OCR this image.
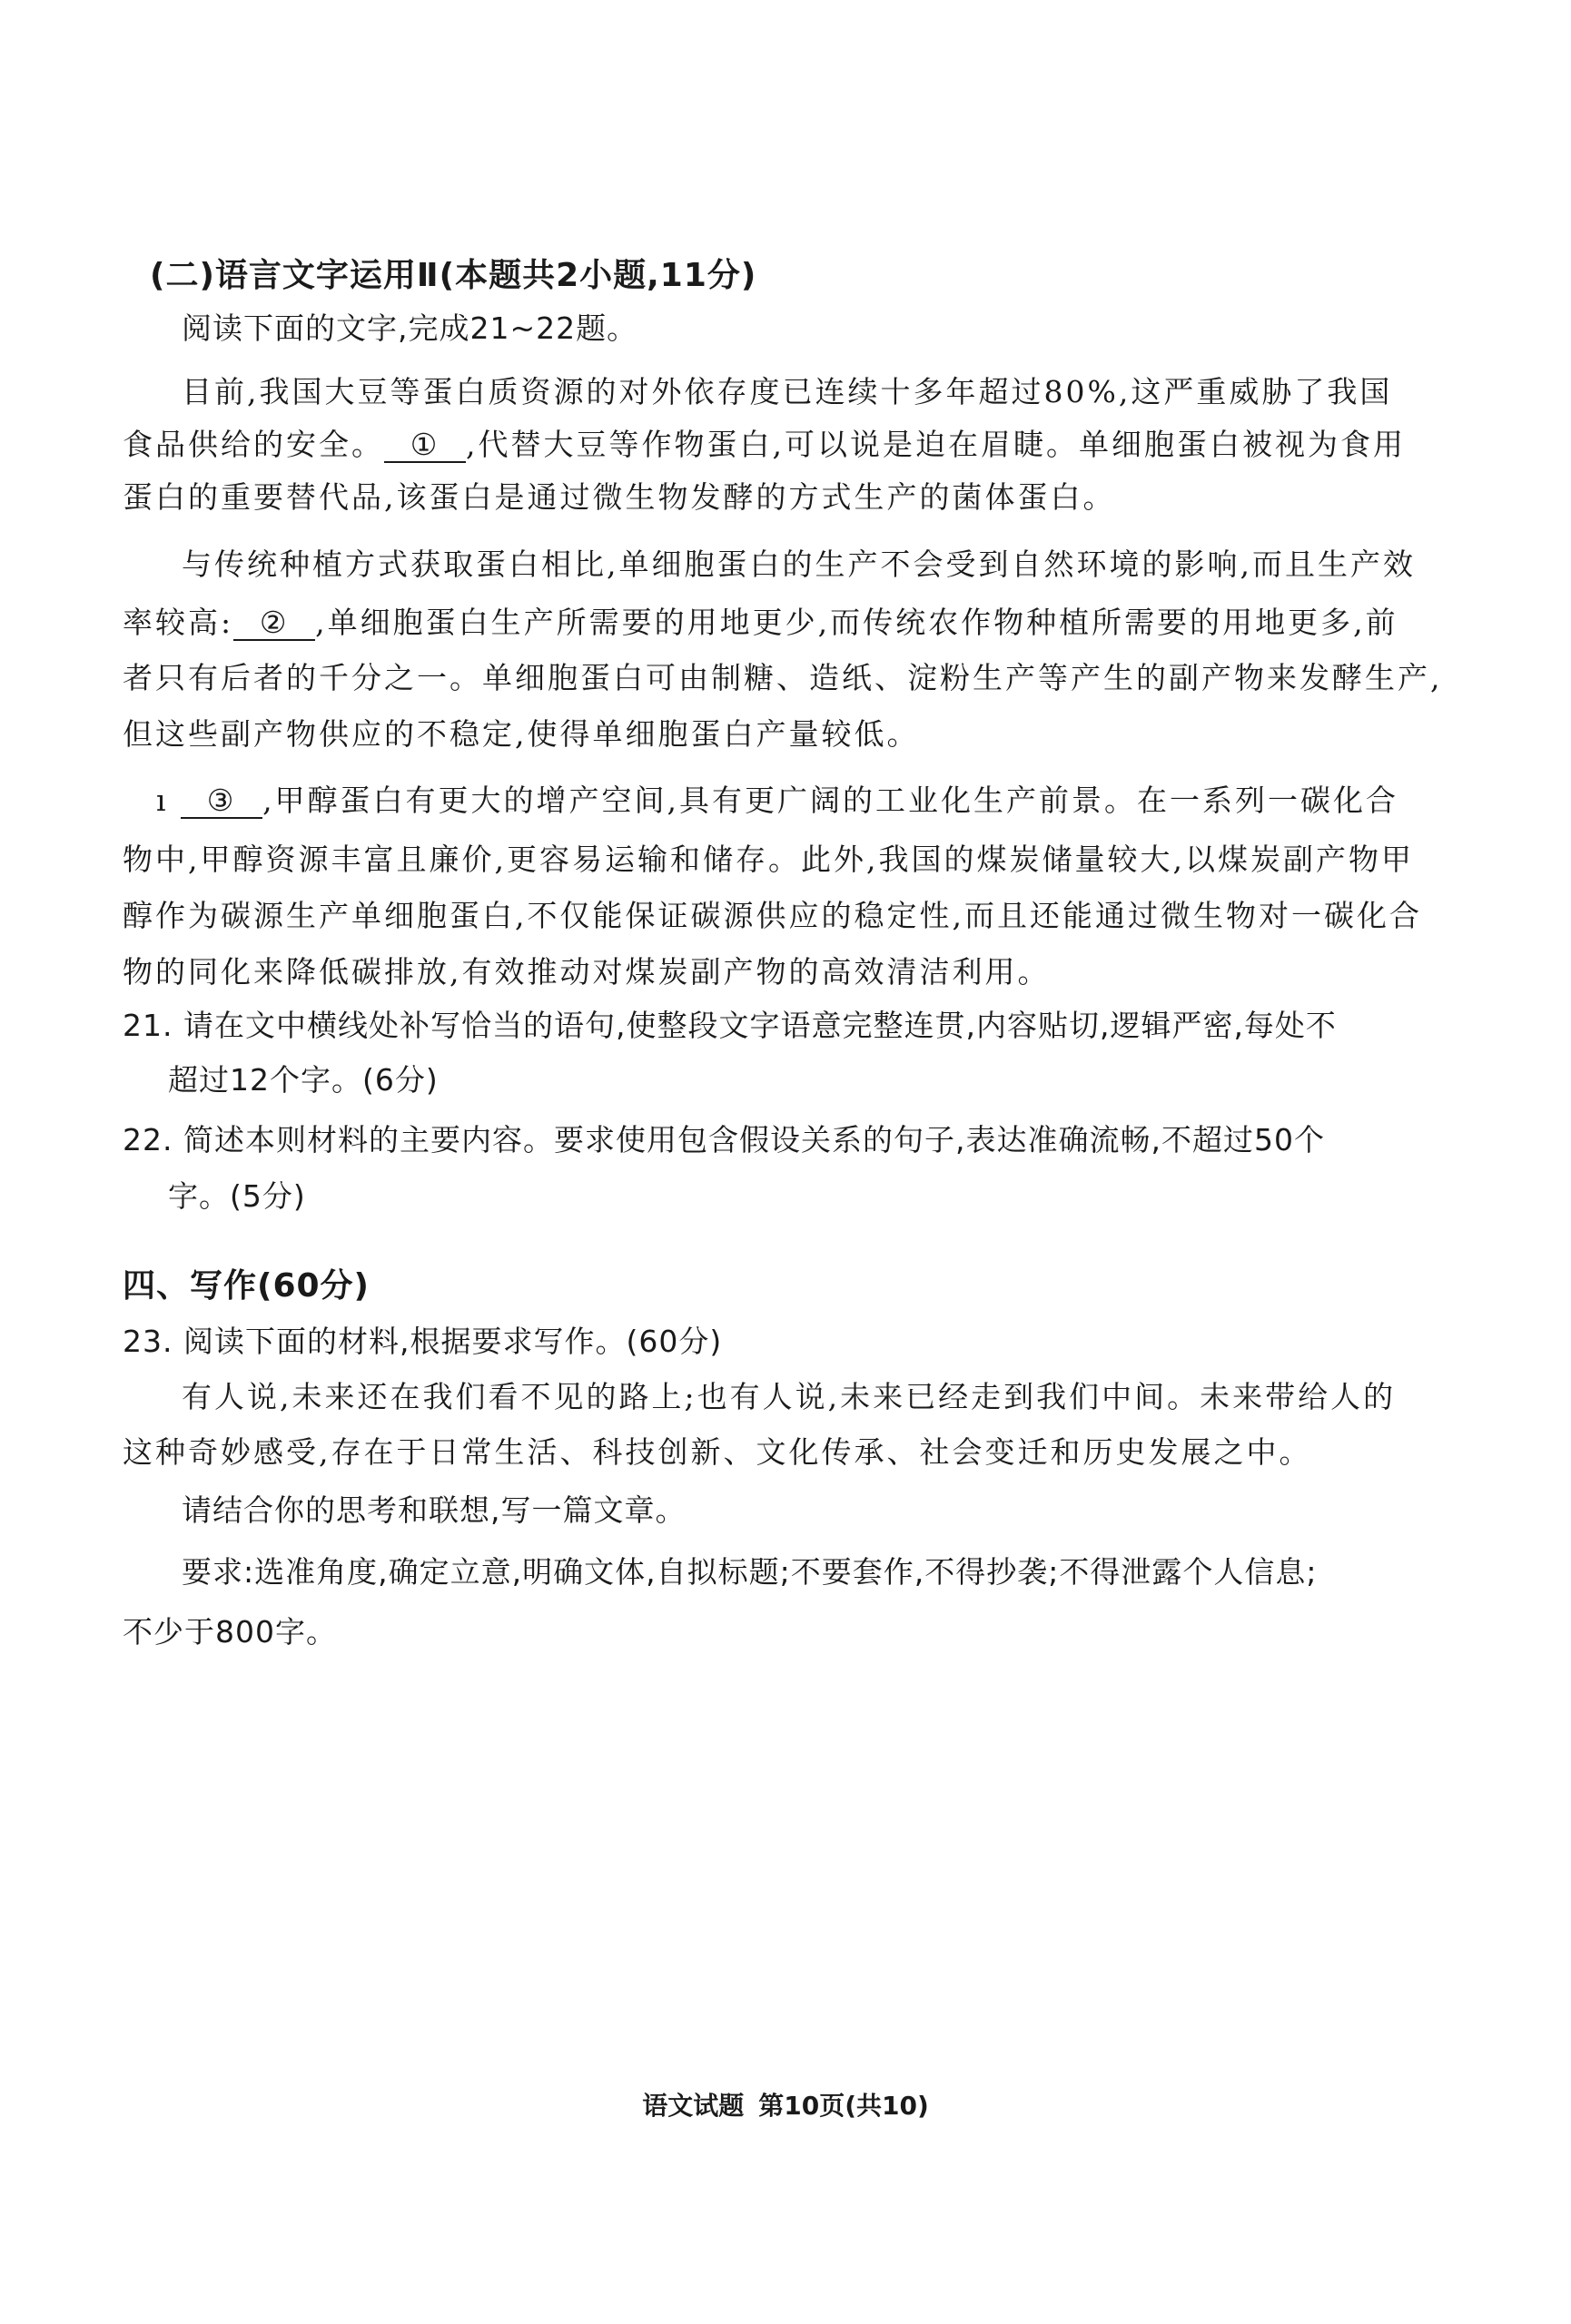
(二)语言文字运用Ⅱ(本题共2小题,11分)
阅读下面的文字,完成21~22题。
目前,我国大豆等蛋白质资源的对外依存度已连续十多年超过80%,这严重威胁了我国
食品供给的安全。 ① ,代替大豆等作物蛋白,可以说是迫在眉睫。单细胞蛋白被视为食用
蛋白的重要替代品,该蛋白是通过微生物发酵的方式生产的菌体蛋白。
与传统种植方式获取蛋白相比,单细胞蛋白的生产不会受到自然环境的影响,而且生产效
率较高: ② ,单细胞蛋白生产所需要的用地更少,而传统农作物种植所需要的用地更多,前
者只有后者的千分之一。单细胞蛋白可由制糖、造纸、淀粉生产等产生的副产物来发酵生产,
但这些副产物供应的不稳定,使得单细胞蛋白产量较低。
ı ③ ,甲醇蛋白有更大的增产空间,具有更广阔的工业化生产前景。在一系列一碳化合
物中,甲醇资源丰富且廉价,更容易运输和储存。此外,我国的煤炭储量较大,以煤炭副产物甲
醇作为碳源生产单细胞蛋白,不仅能保证碳源供应的稳定性,而且还能通过微生物对一碳化合
物的同化来降低碳排放,有效推动对煤炭副产物的高效清洁利用。
21. 请在文中横线处补写恰当的语句,使整段文字语意完整连贯,内容贴切,逻辑严密,每处不
超过12个字。(6分)
22. 简述本则材料的主要内容。要求使用包含假设关系的句子,表达准确流畅,不超过50个
字。(5分)
四、写作(60分)
23. 阅读下面的材料,根据要求写作。(60分)
有人说,未来还在我们看不见的路上;也有人说,未来已经走到我们中间。未来带给人的
这种奇妙感受,存在于日常生活、科技创新、文化传承、社会变迁和历史发展之中。
请结合你的思考和联想,写一篇文章。
要求:选准角度,确定立意,明确文体,自拟标题;不要套作,不得抄袭;不得泄露个人信息;
不少于800字。
语文试题 第10页(共10)
